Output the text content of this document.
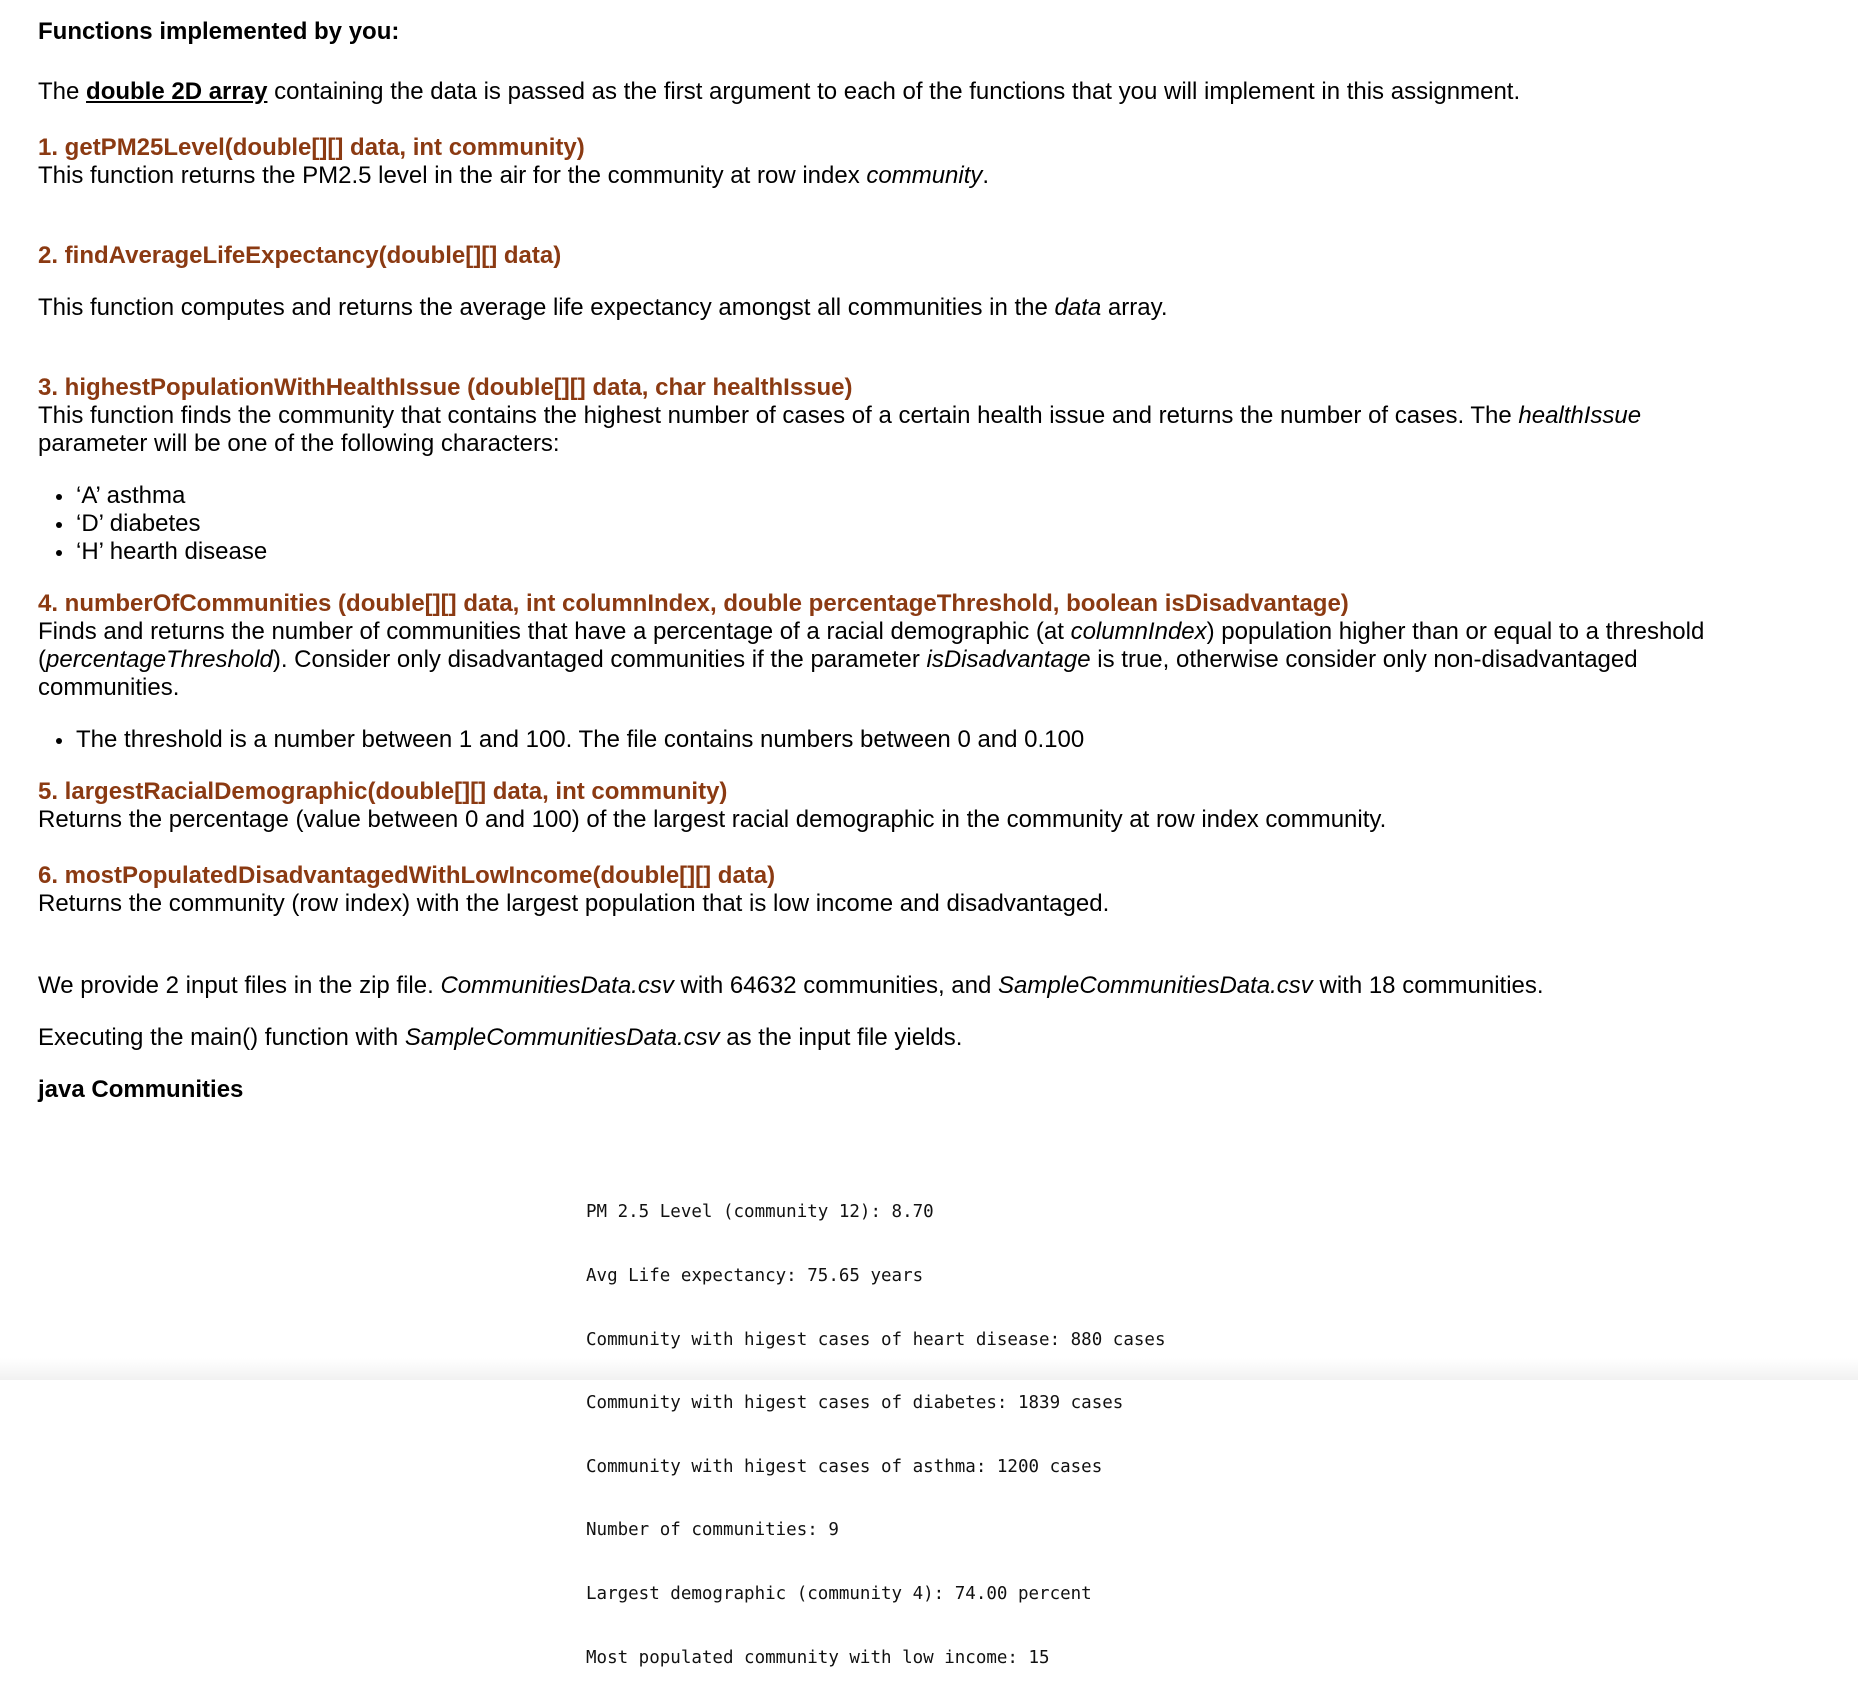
Functions implemented by you:
The double 2D array containing the data is passed as the first argument to each of the functions that you will implement in this assignment.
1. getPM25Level(double[][] data, int community)
This function returns the PM2.5 level in the air for the community at row index community.
2. findAverageLifeExpectancy(double[][] data)
This function computes and returns the average life expectancy amongst all communities in the data array.
3. highestPopulationWithHealthIssue (double[][] data, char healthIssue)
This function finds the community that contains the highest number of cases of a certain health issue and returns the number of cases. The healthIssue
parameter will be one of the following characters:
‘A’ asthma
‘D’ diabetes
‘H’ hearth disease
4. numberOfCommunities (double[][] data, int columnIndex, double percentageThreshold, boolean isDisadvantage)
Finds and returns the number of communities that have a percentage of a racial demographic (at columnIndex) population higher than or equal to a threshold
(percentageThreshold). Consider only disadvantaged communities if the parameter isDisadvantage is true, otherwise consider only non-disadvantaged
communities.
The threshold is a number between 1 and 100. The file contains numbers between 0 and 0.100
5. largestRacialDemographic(double[][] data, int community)
Returns the percentage (value between 0 and 100) of the largest racial demographic in the community at row index community.
6. mostPopulatedDisadvantagedWithLowIncome(double[][] data)
Returns the community (row index) with the largest population that is low income and disadvantaged.
We provide 2 input files in the zip file. CommunitiesData.csv with 64632 communities, and SampleCommunitiesData.csv with 18 communities.
Executing the main() function with SampleCommunitiesData.csv as the input file yields.
java Communities

PM 2.5 Level (community 12): 8.70

Avg Life expectancy: 75.65 years

Community with higest cases of heart disease: 880 cases

Community with higest cases of diabetes: 1839 cases

Community with higest cases of asthma: 1200 cases

Number of communities: 9

Largest demographic (community 4): 74.00 percent

Most populated community with low income: 15
